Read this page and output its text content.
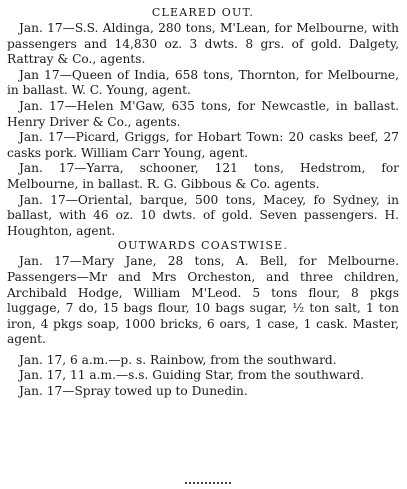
CLEARED OUT.

Jan. 17—S.S. Aldinga, 280 tons, M'Lean, for Melbourne, with passengers and 14,830 oz. 3 dwts. 8 grs. of gold. Dalgety, Rattray & Co., agents.

Jan 17—Queen of India, 658 tons, Thornton, for Melbourne, in ballast. W. C. Young, agent.

Jan. 17—Helen M'Gaw, 635 tons, for Newcastle, in ballast. Henry Driver & Co., agents.

Jan. 17—Picard, Griggs, for Hobart Town: 20 casks beef, 27 casks pork. William Carr Young, agent.

Jan. 17—Yarra, schooner, 121 tons, Hedstrom, for Melbourne, in ballast. R. G. Gibbous & Co. agents.

Jan. 17—Oriental, barque, 500 tons, Macey, fo Sydney, in ballast, with 46 oz. 10 dwts. of gold. Seven passengers. H. Houghton, agent.

OUTWARDS COASTWISE.

Jan. 17—Mary Jane, 28 tons, A. Bell, for Melbourne. Passengers—Mr and Mrs Orcheston, and three children, Archibald Hodge, William M'Leod. 5 tons flour, 8 pkgs luggage, 7 do, 15 bags flour, 10 bags sugar, ½ ton salt, 1 ton iron, 4 pkgs soap, 1000 bricks, 6 oars, 1 case, 1 cask. Master, agent.

Jan. 17, 6 a.m.—p. s. Rainbow, from the southward.

Jan. 17, 11 a.m.—s.s. Guiding Star, from the southward.

Jan. 17—Spray towed up to Dunedin.
